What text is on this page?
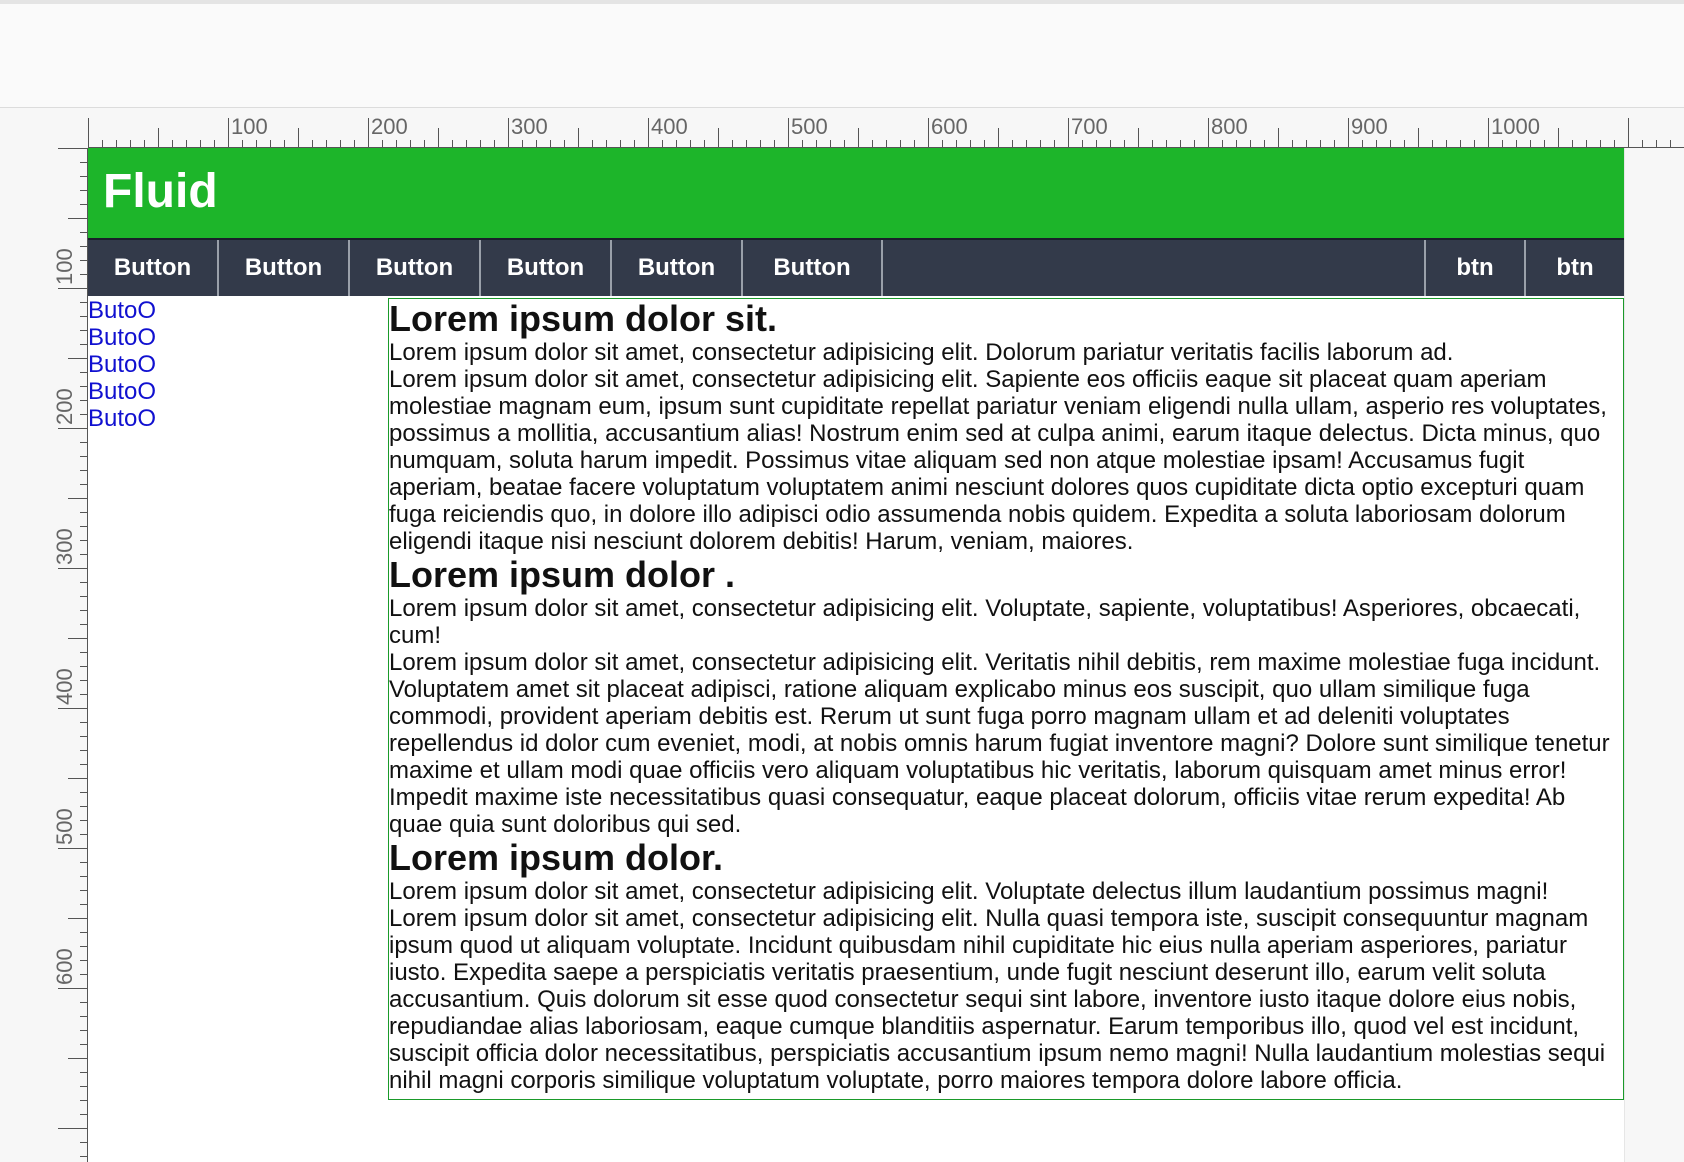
100	200	300	400	500	600	700	800	900	1000
100
200
300
400
500
600
Fluid
Button	Button	Button	Button	Button	Button	btn	btn
ButoO
ButoO
ButoO
ButoO
ButoO
Lorem ipsum dolor sit.

Lorem ipsum dolor sit amet, consectetur adipisicing elit. Dolorum pariatur veritatis facilis laborum ad.

Lorem ipsum dolor sit amet, consectetur adipisicing elit. Sapiente eos officiis eaque sit placeat quam aperiam molestiae magnam eum, ipsum sunt cupiditate repellat pariatur veniam eligendi nulla ullam, asperio res voluptates, possimus a mollitia, accusantium alias! Nostrum enim sed at culpa animi, earum itaque delectus. Dicta minus, quo numquam, soluta harum impedit. Possimus vitae aliquam sed non atque molestiae ipsam! Accusamus fugit aperiam, beatae facere voluptatum voluptatem animi nesciunt dolores quos cupiditate dicta optio excepturi quam fuga reiciendis quo, in dolore illo adipisci odio assumenda nobis quidem. Expedita a soluta laboriosam dolorum eligendi itaque nisi nesciunt dolorem debitis! Harum, veniam, maiores.

Lorem ipsum dolor .

Lorem ipsum dolor sit amet, consectetur adipisicing elit. Voluptate, sapiente, voluptatibus! Asperiores, obcaecati, cum!

Lorem ipsum dolor sit amet, consectetur adipisicing elit. Veritatis nihil debitis, rem maxime molestiae fuga incidunt. Voluptatem amet sit placeat adipisci, ratione aliquam explicabo minus eos suscipit, quo ullam similique fuga commodi, provident aperiam debitis est. Rerum ut sunt fuga porro magnam ullam et ad deleniti voluptates repellendus id dolor cum eveniet, modi, at nobis omnis harum fugiat inventore magni? Dolore sunt similique tenetur maxime et ullam modi quae officiis vero aliquam voluptatibus hic veritatis, laborum quisquam amet minus error! Impedit maxime iste necessitatibus quasi consequatur, eaque placeat dolorum, officiis vitae rerum expedita! Ab quae quia sunt doloribus qui sed.

Lorem ipsum dolor.

Lorem ipsum dolor sit amet, consectetur adipisicing elit. Voluptate delectus illum laudantium possimus magni!

Lorem ipsum dolor sit amet, consectetur adipisicing elit. Nulla quasi tempora iste, suscipit consequuntur magnam ipsum quod ut aliquam voluptate. Incidunt quibusdam nihil cupiditate hic eius nulla aperiam asperiores, pariatur iusto. Expedita saepe a perspiciatis veritatis praesentium, unde fugit nesciunt deserunt illo, earum velit soluta accusantium. Quis dolorum sit esse quod consectetur sequi sint labore, inventore iusto itaque dolore eius nobis, repudiandae alias laboriosam, eaque cumque blanditiis aspernatur. Earum temporibus illo, quod vel est incidunt, suscipit officia dolor necessitatibus, perspiciatis accusantium ipsum nemo magni! Nulla laudantium molestias sequi nihil magni corporis similique voluptatum voluptate, porro maiores tempora dolore labore officia.
